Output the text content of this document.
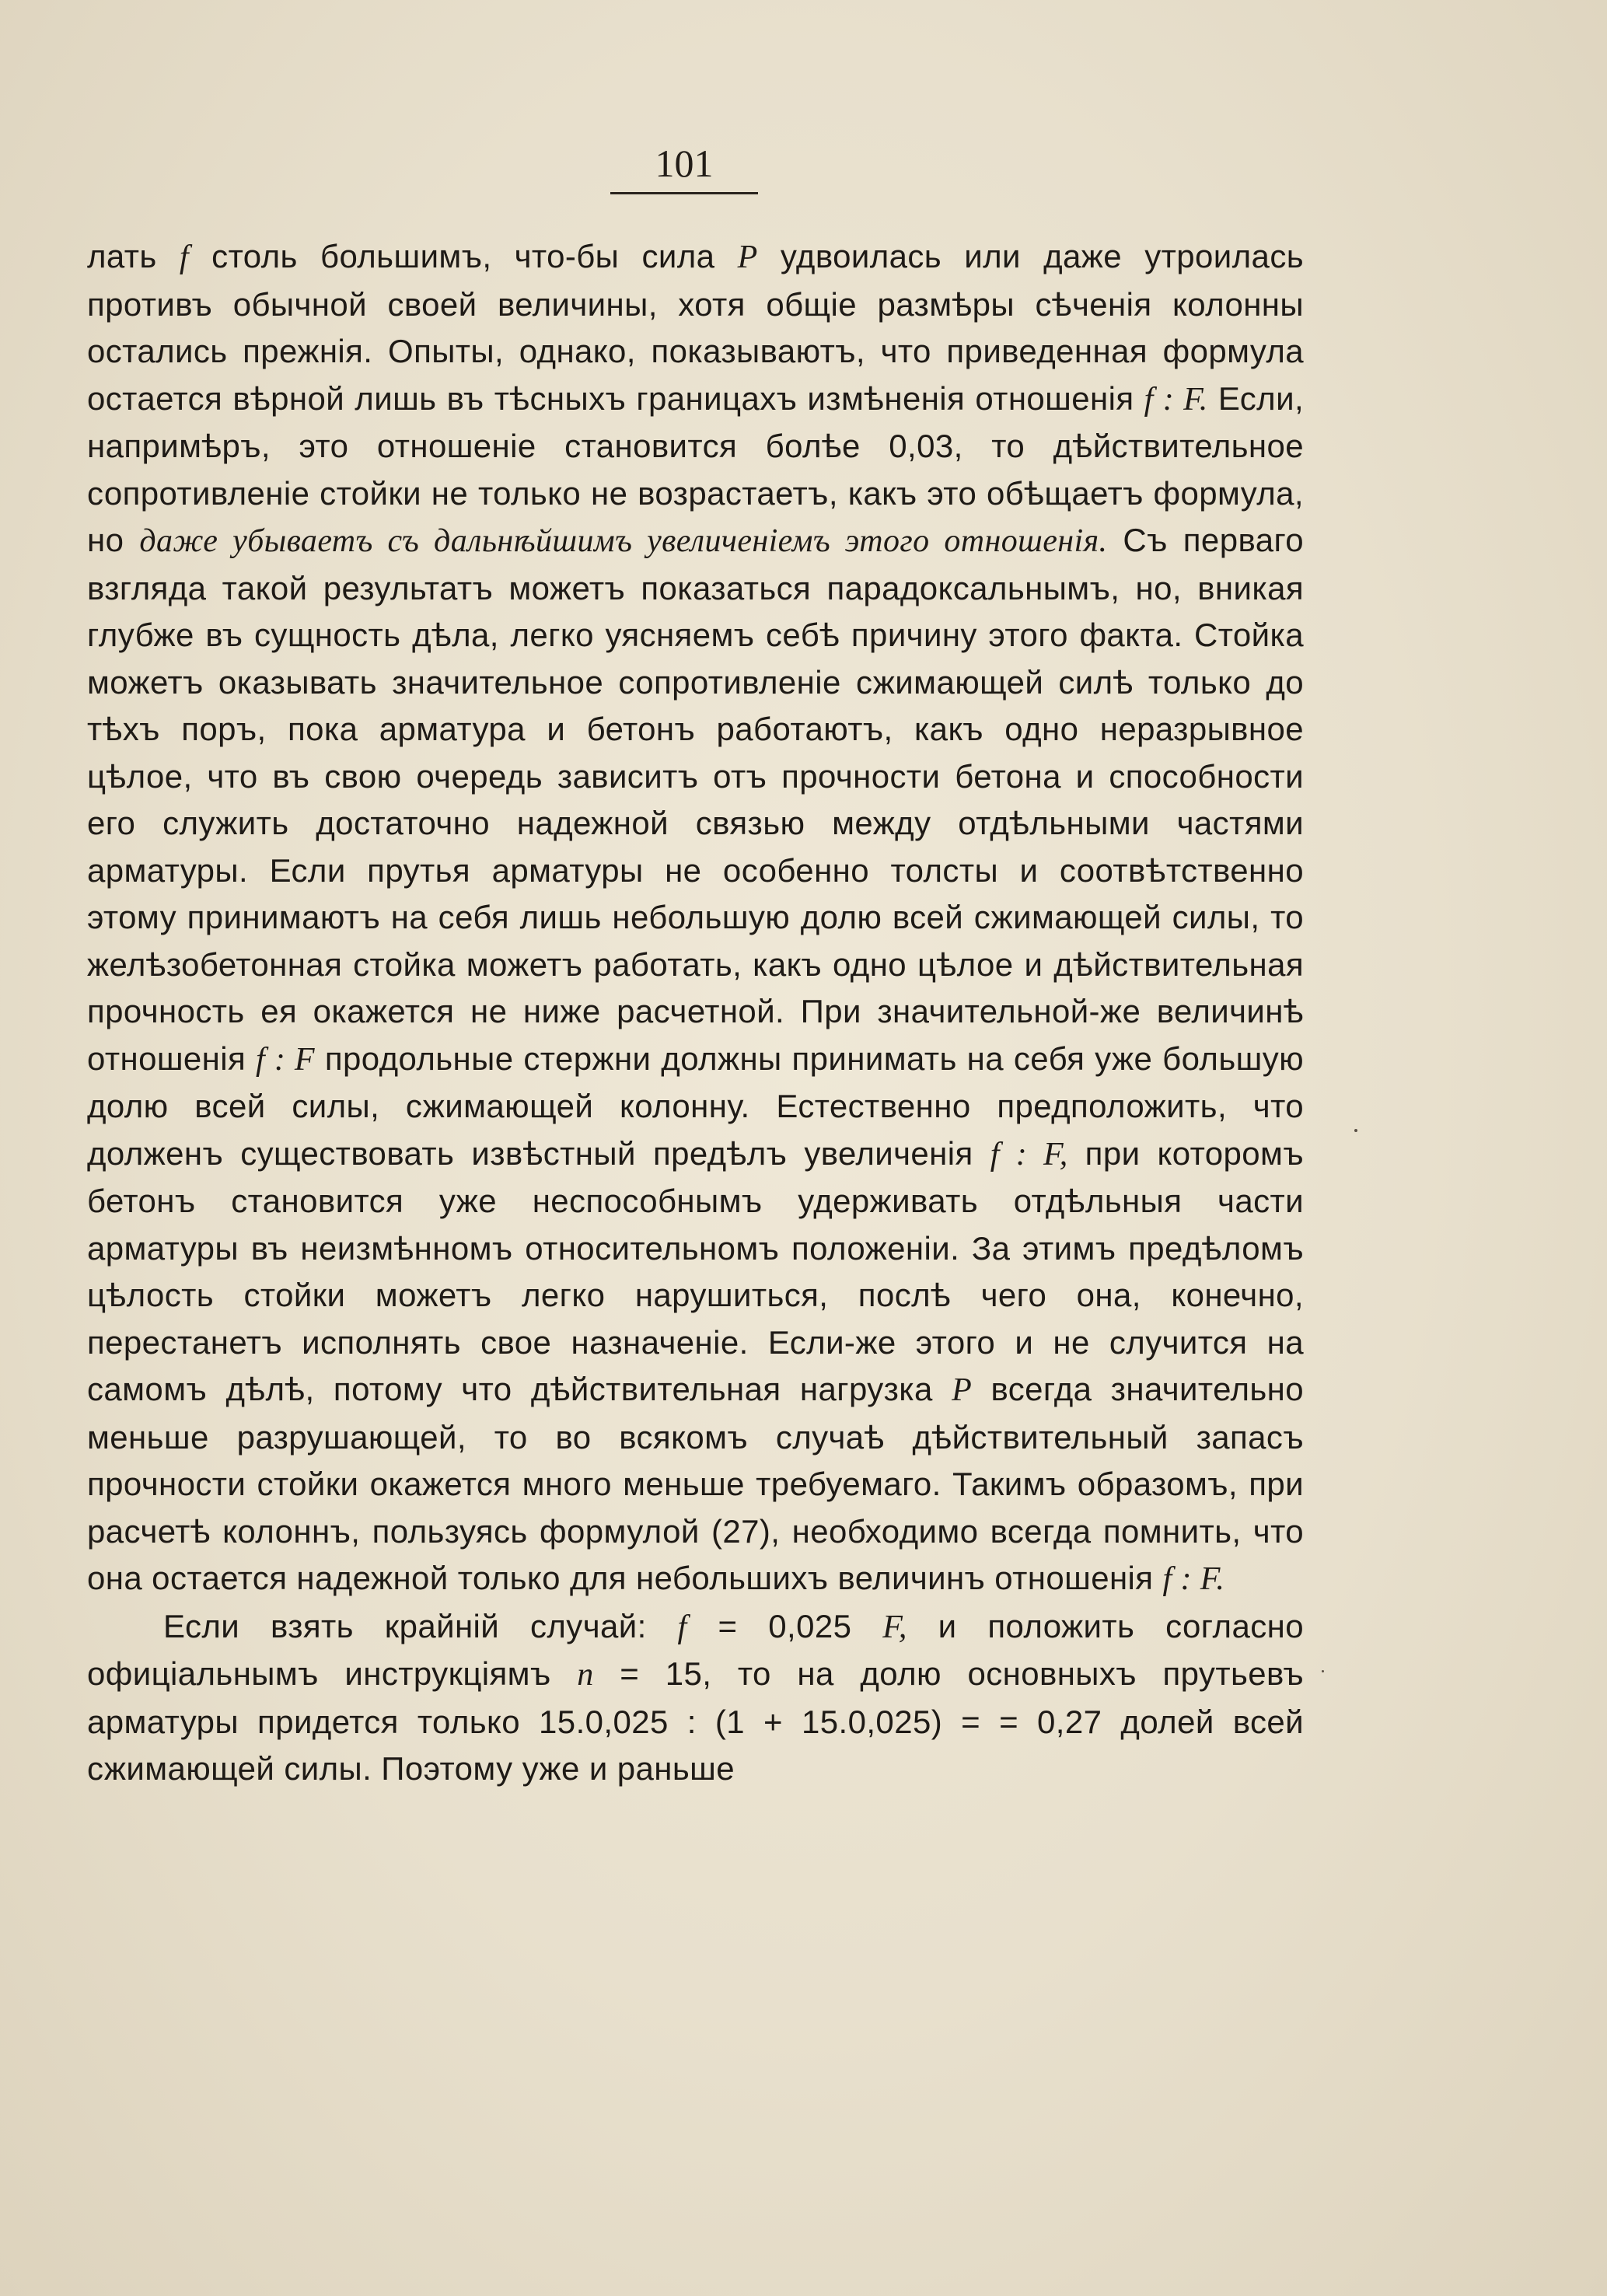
101

лать f столь большимъ, что-бы сила P удвоилась или даже утроилась противъ обычной своей величины, хотя общіе размѣры сѣченія колонны остались прежнія. Опыты, однако, показываютъ, что приведенная формула остается вѣрной лишь въ тѣсныхъ границахъ измѣненія отношенія f : F. Если, напримѣръ, это отношеніе становится болѣе 0,03, то дѣйствительное сопротивленіе стойки не только не возрастаетъ, какъ это обѣщаетъ формула, но даже убываетъ съ дальнѣйшимъ увеличеніемъ этого отношенія. Съ перваго взгляда такой результатъ можетъ показаться парадоксальнымъ, но, вникая глубже въ сущность дѣла, легко уясняемъ себѣ причину этого факта. Стойка можетъ оказывать значительное сопротивленіе сжимающей силѣ только до тѣхъ поръ, пока арматура и бетонъ работаютъ, какъ одно неразрывное цѣлое, что въ свою очередь зависитъ отъ прочности бетона и способности его служить достаточно надежной связью между отдѣльными частями арматуры. Если прутья арматуры не особенно толсты и соотвѣтственно этому принимаютъ на себя лишь небольшую долю всей сжимающей силы, то желѣзобетонная стойка можетъ работать, какъ одно цѣлое и дѣйствительная прочность ея окажется не ниже расчетной. При значительной-же величинѣ отношенія f : F продольные стержни должны принимать на себя уже большую долю всей силы, сжимающей колонну. Естественно предположить, что долженъ существовать извѣстный предѣлъ увеличенія f : F, при которомъ бетонъ становится уже неспособнымъ удерживать отдѣльныя части арматуры въ неизмѣнномъ относительномъ положеніи. За этимъ предѣломъ цѣлость стойки можетъ легко нарушиться, послѣ чего она, конечно, перестанетъ исполнять свое назначеніе. Если-же этого и не случится на самомъ дѣлѣ, потому что дѣйствительная нагрузка P всегда значительно меньше разрушающей, то во всякомъ случаѣ дѣйствительный запасъ прочности стойки окажется много меньше требуемаго. Такимъ образомъ, при расчетѣ колоннъ, пользуясь формулой (27), необходимо всегда помнить, что она остается надежной только для небольшихъ величинъ отношенія f : F.

Если взять крайній случай: f = 0,025 F, и положить согласно офиціальнымъ инструкціямъ n = 15, то на долю основныхъ прутьевъ арматуры придется только 15.0,025 : (1 + 15.0,025) = = 0,27 долей всей сжимающей силы. Поэтому уже и раньше
